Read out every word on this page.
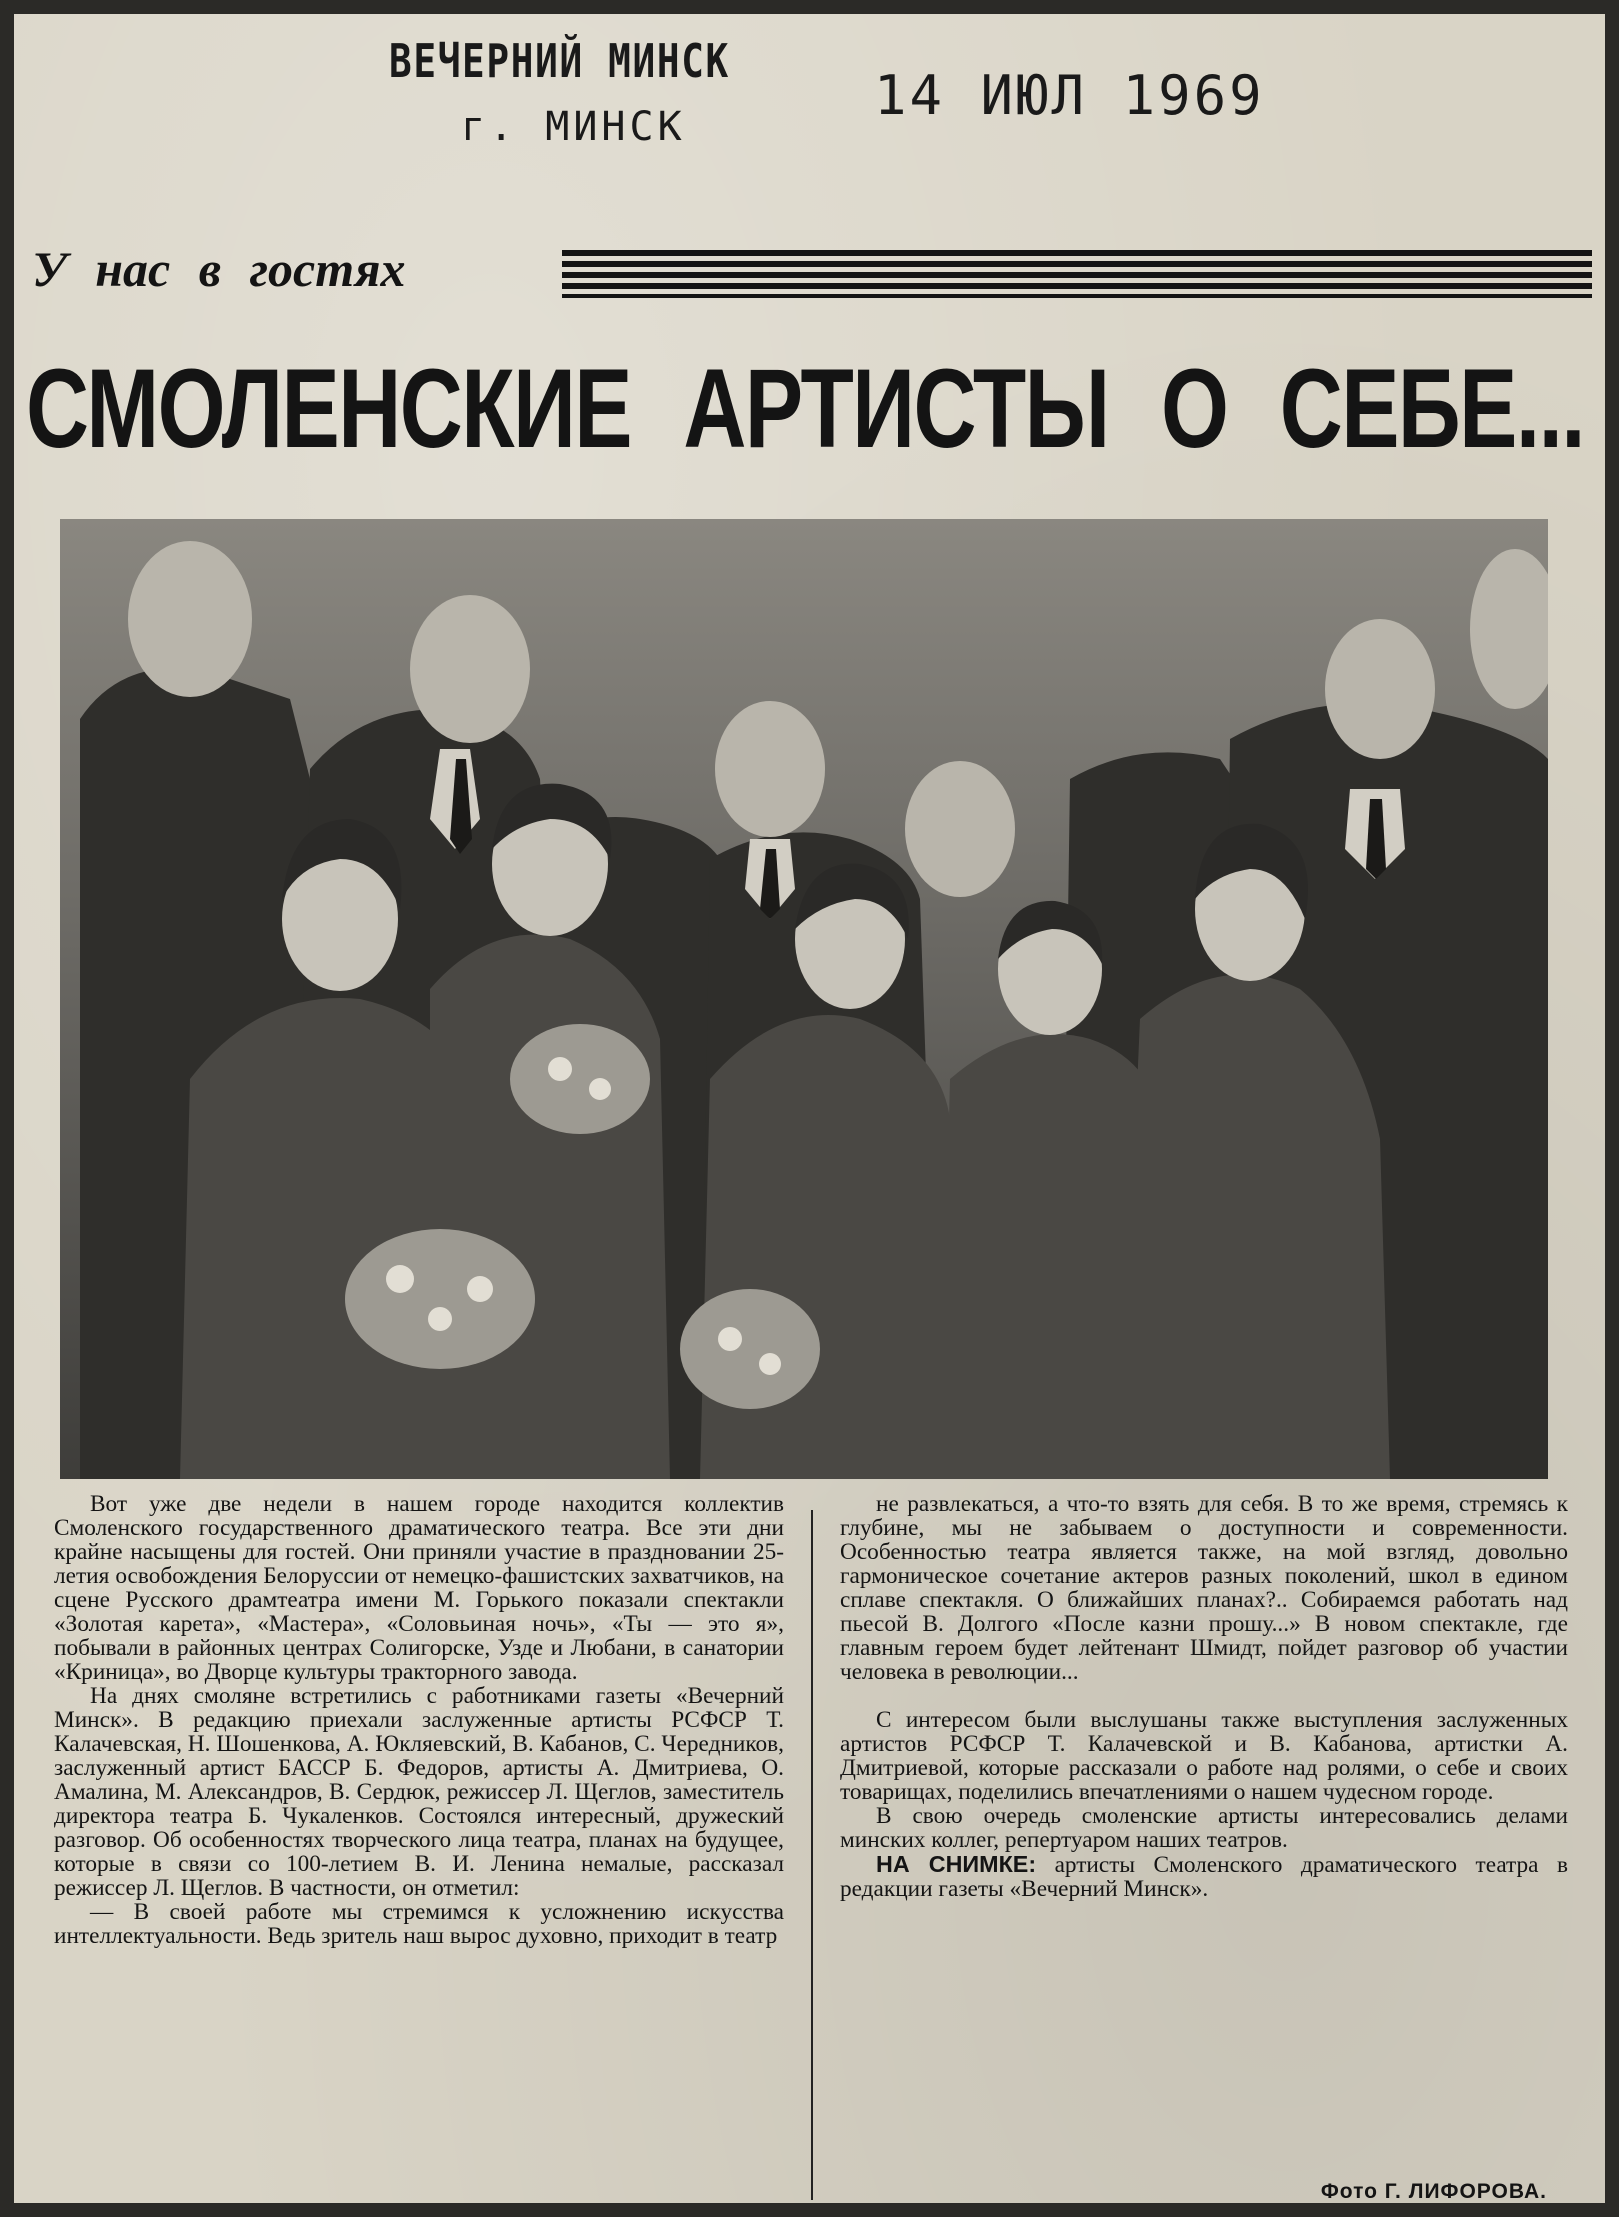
ВЕЧЕРНИЙ МИНСК
г. МИНСК	14 ИЮЛ 1969
У нас в гостях
СМОЛЕНСКИЕ АРТИСТЫ О СЕБЕ...

Вот уже две недели в нашем городе находится коллектив Смоленского государственного драматического театра. Все эти дни крайне насыщены для гостей. Они приняли участие в праздновании 25-летия освобождения Белоруссии от немецко-фашистских захватчиков, на сцене Русского драмтеатра имени М. Горького показали спектакли «Золотая карета», «Мастера», «Соловьиная ночь», «Ты — это я», побывали в районных центрах Солигорске, Узде и Любани, в санатории «Криница», во Дворце культуры тракторного завода.

На днях смоляне встретились с работниками газеты «Вечерний Минск». В редакцию приехали заслуженные артисты РСФСР Т. Калачевская, Н. Шошенкова, А. Юкляевский, В. Кабанов, С. Чередников, заслуженный артист БАССР Б. Федоров, артисты А. Дмитриева, О. Амалина, М. Александров, В. Сердюк, режиссер Л. Щеглов, заместитель директора театра Б. Чукаленков. Состоялся интересный, дружеский разговор. Об особенностях творческого лица театра, планах на будущее, которые в связи со 100-летием В. И. Ленина немалые, рассказал режиссер Л. Щеглов. В частности, он отметил:

— В своей работе мы стремимся к усложнению искусства интеллектуальности. Ведь зритель наш вырос духовно, приходит в театр

не развлекаться, а что-то взять для себя. В то же время, стремясь к глубине, мы не забываем о доступности и современности. Особенностью театра является также, на мой взгляд, довольно гармоническое сочетание актеров разных поколений, школ в едином сплаве спектакля. О ближайших планах?.. Собираемся работать над пьесой В. Долгого «После казни прошу...» В новом спектакле, где главным героем будет лейтенант Шмидт, пойдет разговор об участии человека в революции...

С интересом были выслушаны также выступления заслуженных артистов РСФСР Т. Калачевской и В. Кабанова, артистки А. Дмитриевой, которые рассказали о работе над ролями, о себе и своих товарищах, поделились впечатлениями о нашем чудесном городе.

В свою очередь смоленские артисты интересовались делами минских коллег, репертуаром наших театров.

НА СНИМКЕ: артисты Смоленского драматического театра в редакции газеты «Вечерний Минск».

Фото Г. ЛИФОРОВА.
